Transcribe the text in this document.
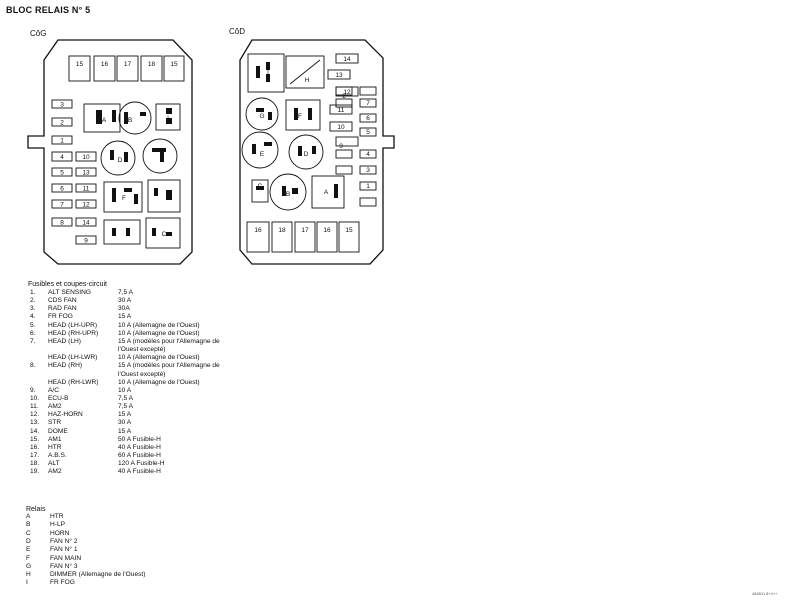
BLOC RELAIS N° 5
CôG	CôD
15	16 17	18 15
3
2
1
4
5
6
7
8
10
13
11
12
14
9
A	B	I
D	E
F
C
14
13
12
11
10
9
2
7
6
5
4
3
1
16	18 17 16 15
H
F
G
E
C
B	A
D
I
Fusibles et coupes-circuit
1. ALT SENSING	7,5 A
2. CDS FAN	30 A
3. RAD FAN	30A
4. FR FOG	15 A
5. HEAD (LH-UPR)	10 A (Allemagne de l'Ouest)
6. HEAD (RH-UPR)	10 A (Allemagne de l'Ouest)
7. HEAD (LH)	15 A (modèles pour l'Allemagne de
l'Ouest excepté)
HEAD (LH-LWR)	10 A (Allemagne de l'Ouest)
8. HEAD (RH)	15 A (modèles pour l'Allemagne de
l'Ouest excepté)
HEAD (RH-LWR)	10 A (Allemagne de l'Ouest)
9. A/C	10 A
10. ECU-B	7,5 A
11. AM2	7,5 A
12. HAZ-HORN	15 A
13. STR	30 A
14. DOME	15 A
15. AM1	50 A Fusible-H
16. HTR	40 A Fusible-H
17. A.B.S.	60 A Fusible-H
18. ALT	120 A Fusible-H
19. AM2	40 A Fusible-H
Relais
A	HTR
B	H-LP
C	HORN
D	FAN N° 2
E	FAN N° 1
F	FAN MAIN
G	FAN N° 3
H	DIMMER (Allemagne de l'Ouest)
I	FR FOG
484511 8+4++
